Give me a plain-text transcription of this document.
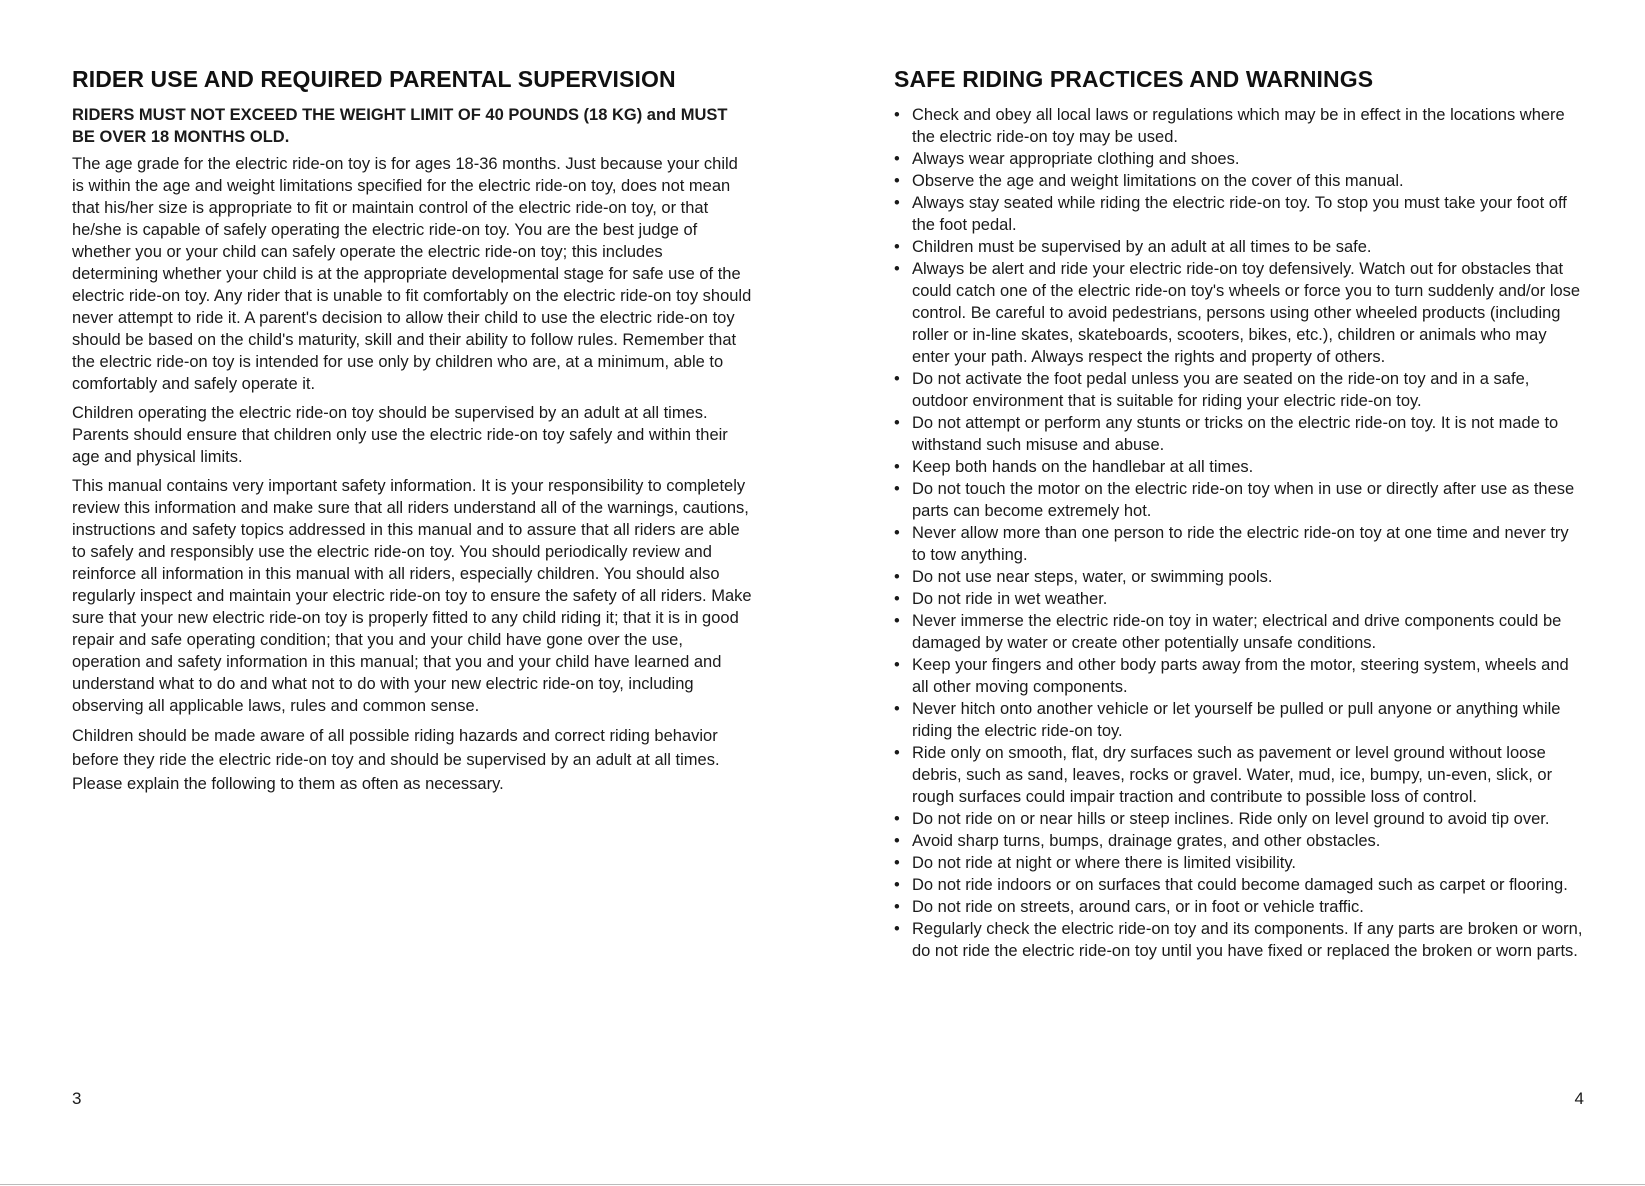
RIDER USE AND REQUIRED PARENTAL SUPERVISION

RIDERS MUST NOT EXCEED THE WEIGHT LIMIT OF 40 POUNDS (18 KG) and MUST BE OVER 18 MONTHS OLD.

The age grade for the electric ride-on toy is for ages 18-36 months. Just because your child is within the age and weight limitations specified for the electric ride-on toy, does not mean that his/her size is appropriate to fit or maintain control of the electric ride-on toy, or that he/she is capable of safely operating the electric ride-on toy. You are the best judge of whether you or your child can safely operate the electric ride-on toy; this includes determining whether your child is at the appropriate developmental stage for safe use of the electric ride-on toy. Any rider that is unable to fit comfortably on the electric ride-on toy should never attempt to ride it. A parent's decision to allow their child to use the electric ride-on toy should be based on the child's maturity, skill and their ability to follow rules. Remember that the electric ride-on toy is intended for use only by children who are, at a minimum, able to comfortably and safely operate it.

Children operating the electric ride-on toy should be supervised by an adult at all times. Parents should ensure that children only use the electric ride-on toy safely and within their age and physical limits.

This manual contains very important safety information. It is your responsibility to completely review this information and make sure that all riders understand all of the warnings, cautions, instructions and safety topics addressed in this manual and to assure that all riders are able to safely and responsibly use the electric ride-on toy. You should periodically review and reinforce all information in this manual with all riders, especially children. You should also regularly inspect and maintain your electric ride-on toy to ensure the safety of all riders. Make sure that your new electric ride-on toy is properly fitted to any child riding it; that it is in good repair and safe operating condition; that you and your child have gone over the use, operation and safety information in this manual; that you and your child have learned and understand what to do and what not to do with your new electric ride-on toy, including observing all applicable laws, rules and common sense.

Children should be made aware of all possible riding hazards and correct riding behavior before they ride the electric ride-on toy and should be supervised by an adult at all times. Please explain the following to them as often as necessary.

3
SAFE RIDING PRACTICES AND WARNINGS
• Check and obey all local laws or regulations which may be in effect in the locations where the electric ride-on toy may be used.
• Always wear appropriate clothing and shoes.
• Observe the age and weight limitations on the cover of this manual.
• Always stay seated while riding the electric ride-on toy. To stop you must take your foot off the foot pedal.
• Children must be supervised by an adult at all times to be safe.
• Always be alert and ride your electric ride-on toy defensively. Watch out for obstacles that could catch one of the electric ride-on toy's wheels or force you to turn suddenly and/or lose control. Be careful to avoid pedestrians, persons using other wheeled products (including roller or in-line skates, skateboards, scooters, bikes, etc.), children or animals who may enter your path. Always respect the rights and property of others.
• Do not activate the foot pedal unless you are seated on the ride-on toy and in a safe, outdoor environment that is suitable for riding your electric ride-on toy.
• Do not attempt or perform any stunts or tricks on the electric ride-on toy. It is not made to withstand such misuse and abuse.
• Keep both hands on the handlebar at all times.
• Do not touch the motor on the electric ride-on toy when in use or directly after use as these parts can become extremely hot.
• Never allow more than one person to ride the electric ride-on toy at one time and never try to tow anything.
• Do not use near steps, water, or swimming pools.
• Do not ride in wet weather.
• Never immerse the electric ride-on toy in water; electrical and drive components could be damaged by water or create other potentially unsafe conditions.
• Keep your fingers and other body parts away from the motor, steering system, wheels and all other moving components.
• Never hitch onto another vehicle or let yourself be pulled or pull anyone or anything while riding the electric ride-on toy.
• Ride only on smooth, flat, dry surfaces such as pavement or level ground without loose debris, such as sand, leaves, rocks or gravel. Water, mud, ice, bumpy, un-even, slick, or rough surfaces could impair traction and contribute to possible loss of control.
• Do not ride on or near hills or steep inclines. Ride only on level ground to avoid tip over.
• Avoid sharp turns, bumps, drainage grates, and other obstacles.
• Do not ride at night or where there is limited visibility.
• Do not ride indoors or on surfaces that could become damaged such as carpet or flooring.
• Do not ride on streets, around cars, or in foot or vehicle traffic.
• Regularly check the electric ride-on toy and its components. If any parts are broken or worn, do not ride the electric ride-on toy until you have fixed or replaced the broken or worn parts.
4
